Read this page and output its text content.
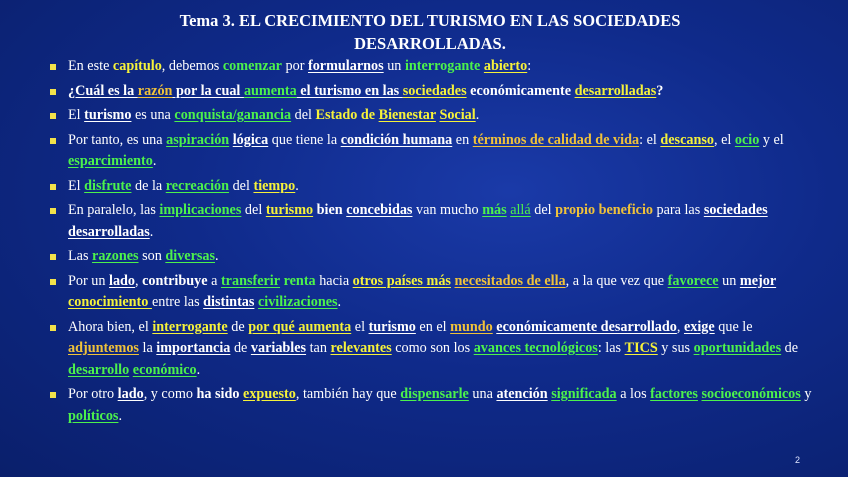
Tema 3. EL CRECIMIENTO DEL TURISMO EN LAS SOCIEDADES
DESARROLLADAS.
En este capítulo, debemos comenzar por formularnos un interrogante abierto:
¿Cuál es la razón por la cual aumenta el turismo en las sociedades económicamente desarrolladas?
El turismo es una conquista/ganancia del Estado de Bienestar Social.
Por tanto, es una aspiración lógica que tiene la condición humana en términos de calidad de vida: el descanso, el ocio y el esparcimiento.
El disfrute de la recreación del tiempo.
En paralelo, las implicaciones del turismo bien concebidas van mucho más allá del propio beneficio para las sociedades desarrolladas.
Las razones son diversas.
Por un lado, contribuye a transferir renta hacia otros países más necesitados de ella, a la que vez que favorece un mejor conocimiento entre las distintas civilizaciones.
Ahora bien, el interrogante de por qué aumenta el turismo en el mundo económicamente desarrollado, exige que le adjuntemos la importancia de variables tan relevantes como son los avances tecnológicos: las TICS y sus oportunidades de desarrollo económico.
Por otro lado, y como ha sido expuesto, también hay que dispensarle una atención significada a los factores socioeconómicos y políticos.
2
